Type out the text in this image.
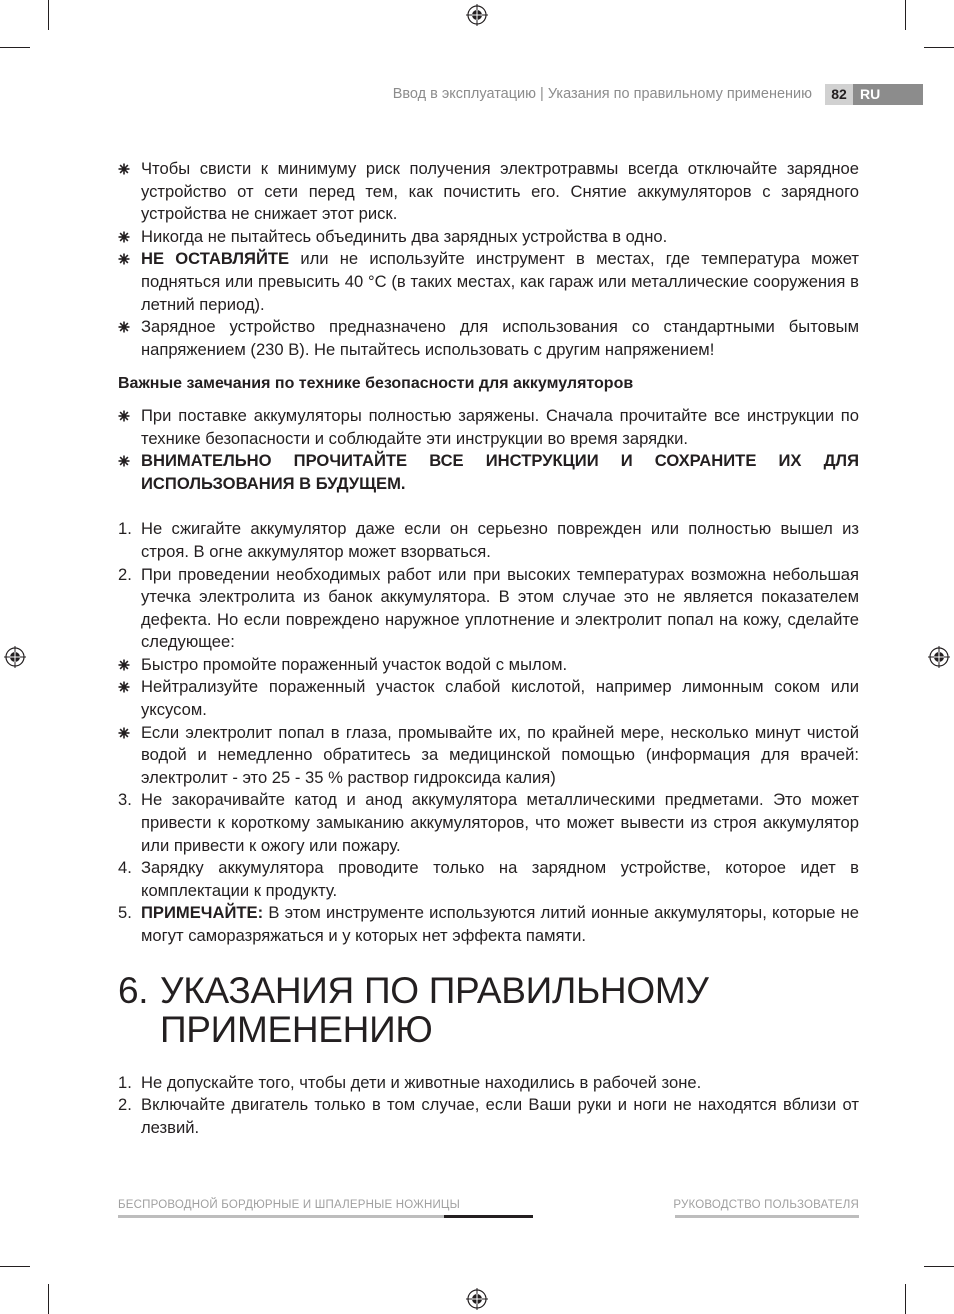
Ввод в эксплуатацию | Указания по правильному применению	82 RU
Чтобы свисти к минимуму риск получения электротравмы всегда отключайте зарядное устройство от сети перед тем, как почистить его. Снятие аккумуляторов с зарядного устройства не снижает этот риск.
Никогда не пытайтесь объединить два зарядных устройства в одно.
НЕ ОСТАВЛЯЙТЕ или не используйте инструмент в местах, где температура может подняться или превысить 40 °C (в таких местах, как гараж или металлические сооружения в летний период).
Зарядное устройство предназначено для использования со стандартными бытовым напряжением (230 В). Не пытайтесь использовать с другим напряжением!
Важные замечания по технике безопасности для аккумуляторов
При поставке аккумуляторы полностью заряжены. Сначала прочитайте все инструкции по технике безопасности и соблюдайте эти инструкции во время зарядки.
ВНИМАТЕЛЬНО ПРОЧИТАЙТЕ ВСЕ ИНСТРУКЦИИ И СОХРАНИТЕ ИХ ДЛЯ ИСПОЛЬЗОВАНИЯ В БУДУЩЕМ.
1. Не сжигайте аккумулятор даже если он серьезно поврежден или полностью вышел из строя. В огне аккумулятор может взорваться.
2. При проведении необходимых работ или при высоких температурах возможна небольшая утечка электролита из банок аккумулятора. В этом случае это не является показателем дефекта. Но если повреждено наружное уплотнение и электролит попал на кожу, сделайте следующее:
Быстро промойте пораженный участок водой с мылом.
Нейтрализуйте пораженный участок слабой кислотой, например лимонным соком или уксусом.
Если электролит попал в глаза, промывайте их, по крайней мере, несколько минут чистой водой и немедленно обратитесь за медицинской помощью (информация для врачей: электролит - это 25 - 35 % раствор гидроксида калия)
3. Не закорачивайте катод и анод аккумулятора металлическими предметами. Это может привести к короткому замыканию аккумуляторов, что может вывести из строя аккумулятор или привести к ожогу или пожару.
4. Зарядку аккумулятора проводите только на зарядном устройстве, которое идет в комплектации к продукту.
5. ПРИМЕЧАЙТЕ: В этом инструменте используются литий ионные аккумуляторы, которые не могут саморазряжаться и у которых нет эффекта памяти.
6. УКАЗАНИЯ ПО ПРАВИЛЬНОМУ
ПРИМЕНЕНИЮ
1. Не допускайте того, чтобы дети и животные находились в рабочей зоне.
2. Включайте двигатель только в том случае, если Ваши руки и ноги не находятся вблизи от лезвий.
БЕСПРОВОДНОЙ БОРДЮРНЫЕ И ШПАЛЕРНЫЕ НОЖНИЦЫ	РУКОВОДСТВО ПОЛЬЗОВАТЕЛЯ
